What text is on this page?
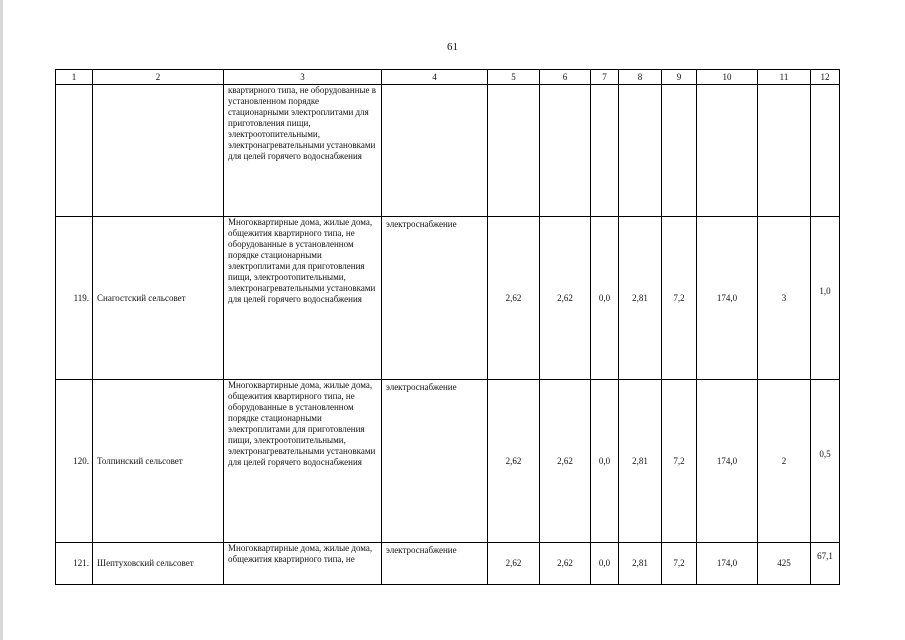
61
1	2	3	4	5	6	7	8	9	10	11	12
		квартирного типа, не оборудованные в установленном порядке стационарными электроплитами для приготовления пищи, электроотопительными, электронагревательными установками для целей горячего водоснабжения									
119.	Снагостский сельсовет	Многоквартирные дома, жилые дома, общежития квартирного типа, не оборудованные в установленном порядке стационарными электроплитами для приготовления пищи, электроотопительными, электронагревательными установками для целей горячего водоснабжения	электроснабжение	2,62	2,62	0,0	2,81	7,2	174,0	3	1,0
120.	Толпинский сельсовет	Многоквартирные дома, жилые дома, общежития квартирного типа, не оборудованные в установленном порядке стационарными электроплитами для приготовления пищи, электроотопительными, электронагревательными установками для целей горячего водоснабжения	электроснабжение	2,62	2,62	0,0	2,81	7,2	174,0	2	0,5
121.	Шептуховский сельсовет	Многоквартирные дома, жилые дома, общежития квартирного типа, не	электроснабжение	2,62	2,62	0,0	2,81	7,2	174,0	425	67,1
